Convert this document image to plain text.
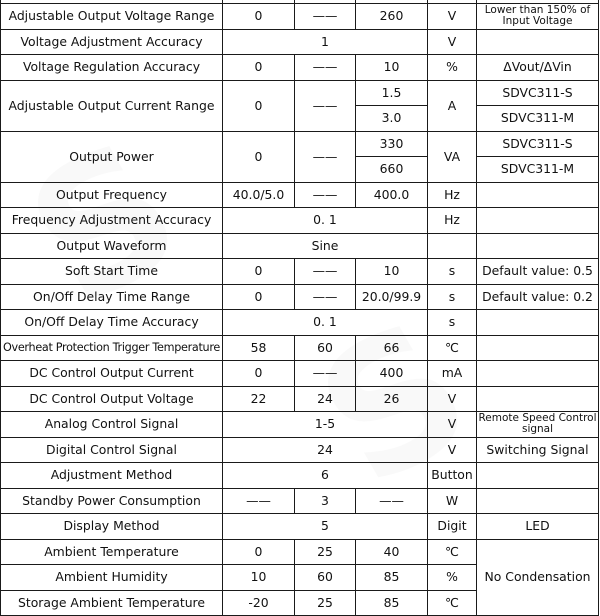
Adjustable Output Voltage Range	0	——	260	V	Lower than 150% of Input Voltage
Voltage Adjustment Accuracy	1			V	
Voltage Regulation Accuracy	0	——	10	%	ΔVout/ΔVin
Adjustable Output Current Range	0	——	1.5	A	SDVC311-S
			3.0		SDVC311-M
Output Power	0	——	330	VA	SDVC311-S
			660		SDVC311-M
Output Frequency	40.0/5.0	——	400.0	Hz	
Frequency Adjustment Accuracy	0. 1			Hz	
Output Waveform	Sine				
Soft Start Time	0	——	10	s	Default value: 0.5
On/Off Delay Time Range	0	——	20.0/99.9	s	Default value: 0.2
On/Off Delay Time Accuracy	0. 1			s	
Overheat Protection Trigger Temperature	58	60	66	℃	
DC Control Output Current	0	——	400	mA	
DC Control Output Voltage	22	24	26	V	
Analog Control Signal	1-5			V	Remote Speed Control signal
Digital Control Signal	24			V	Switching Signal
Adjustment Method	6			Button	
Standby Power Consumption	——	3	——	W	
Display Method	5			Digit	LED
Ambient Temperature	0	25	40	℃	No Condensation
Ambient Humidity	10	60	85	%	
Storage Ambient Temperature	-20	25	85	℃	
